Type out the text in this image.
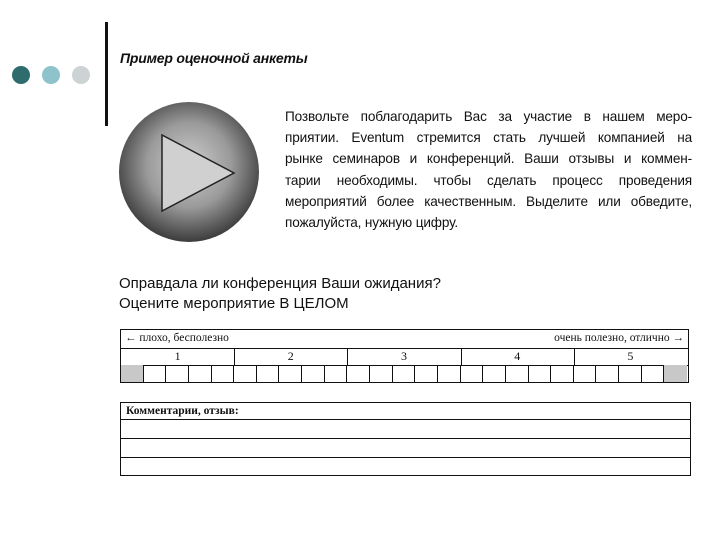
Пример оценочной анкеты
Позвольте поблагодарить Вас за участие в нашем меро-
приятии. Eventum стремится стать лучшей компанией на
рынке семинаров и конференций. Ваши отзывы и коммен-
тарии необходимы. чтобы сделать процесс проведения
мероприятий более качественным. Выделите или обведите,
пожалуйста, нужную цифру.
Оправдала ли конференция Ваши ожидания?
Оцените мероприятие В ЦЕЛОМ
← плохо, бесполезно	очень полезно, отлично →
1	2	3	4	5
Комментарии, отзыв:
